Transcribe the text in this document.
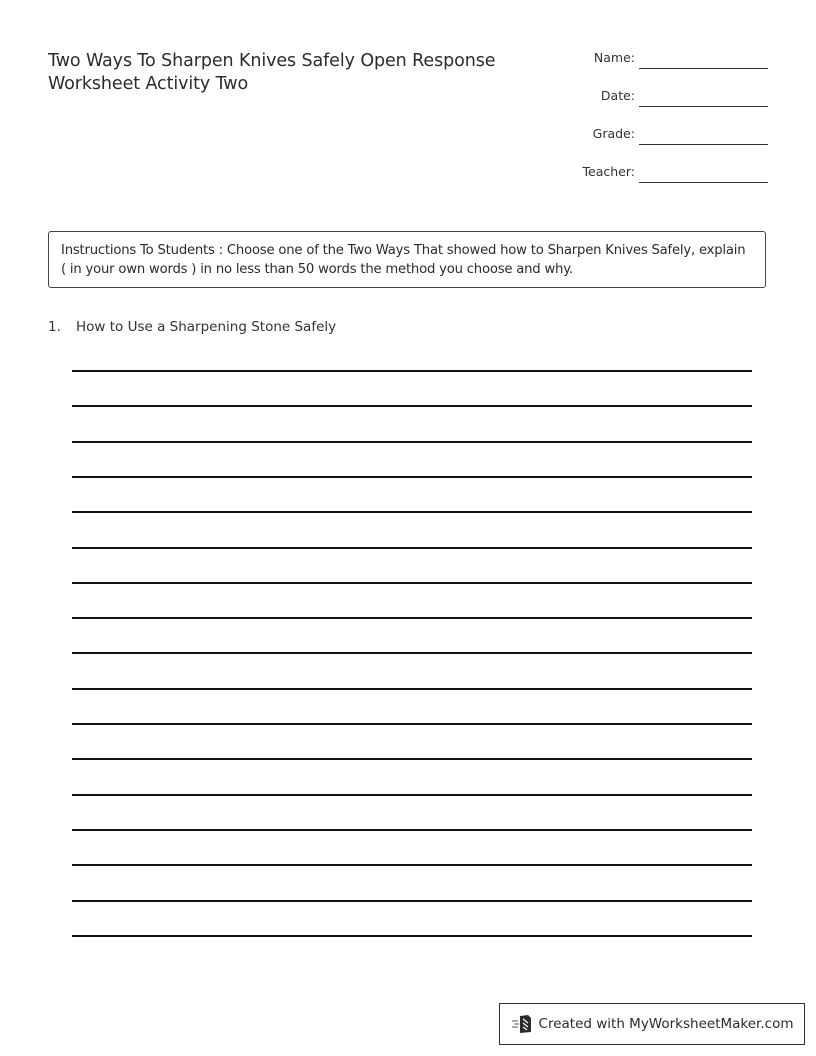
Two Ways To Sharpen Knives Safely Open Response Worksheet Activity Two
Name:
Date:
Grade:
Teacher:
Instructions To Students : Choose one of the Two Ways That showed how to Sharpen Knives Safely, explain ( in your own words ) in no less than 50 words the method you choose and why.
1. How to Use a Sharpening Stone Safely
Created with MyWorksheetMaker.com
